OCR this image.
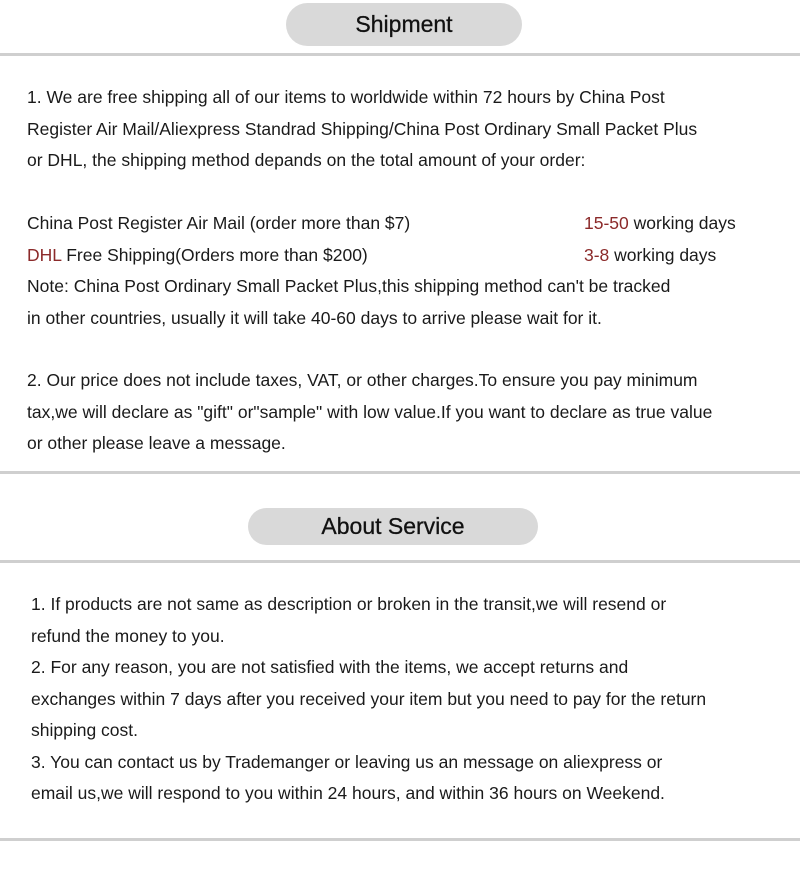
Shipment
1. We are free shipping all of our items to worldwide within 72 hours by China Post
Register Air Mail/Aliexpress Standrad Shipping/China Post Ordinary Small Packet Plus
or DHL, the shipping method depands on the total amount of your order:
China Post Register Air Mail (order more than $7)	15-50 working days
DHL Free Shipping(Orders more than $200)	3-8 working days
Note: China Post Ordinary Small Packet Plus,this shipping method can't be tracked
in other countries, usually it will take 40-60 days to arrive please wait for it.
2. Our price does not include taxes, VAT, or other charges.To ensure you pay minimum
tax,we will declare as "gift" or"sample" with low value.If you want to declare as true value
or other please leave a message.
About Service
1. If products are not same as description or broken in the transit,we will resend or
refund the money to you.
2. For any reason, you are not satisfied with the items, we accept returns and
exchanges within 7 days after you received your item but you need to pay for the return
shipping cost.
3. You can contact us by Trademanger or leaving us an message on aliexpress or
email us,we will respond to you within 24 hours, and within 36 hours on Weekend.
